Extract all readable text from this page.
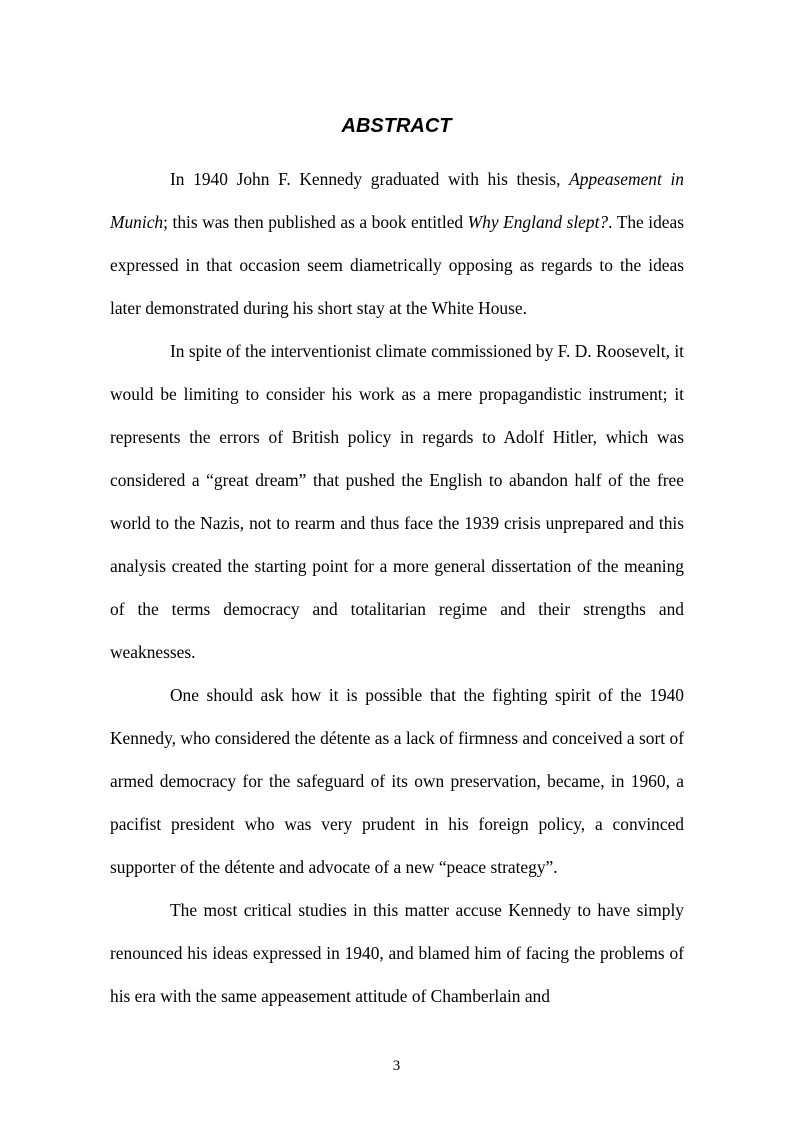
ABSTRACT

In 1940 John F. Kennedy graduated with his thesis, Appeasement in Munich; this was then published as a book entitled Why England slept?. The ideas expressed in that occasion seem diametrically opposing as regards to the ideas later demonstrated during his short stay at the White House.

In spite of the interventionist climate commissioned by F. D. Roosevelt, it would be limiting to consider his work as a mere propagandistic instrument; it represents the errors of British policy in regards to Adolf Hitler, which was considered a “great dream” that pushed the English to abandon half of the free world to the Nazis, not to rearm and thus face the 1939 crisis unprepared and this analysis created the starting point for a more general dissertation of the meaning of the terms democracy and totalitarian regime and their strengths and weaknesses.

One should ask how it is possible that the fighting spirit of the 1940 Kennedy, who considered the détente as a lack of firmness and conceived a sort of armed democracy for the safeguard of its own preservation, became, in 1960, a pacifist president who was very prudent in his foreign policy, a convinced supporter of the détente and advocate of a new “peace strategy”.

The most critical studies in this matter accuse Kennedy to have simply renounced his ideas expressed in 1940, and blamed him of facing the problems of his era with the same appeasement attitude of Chamberlain and

3
